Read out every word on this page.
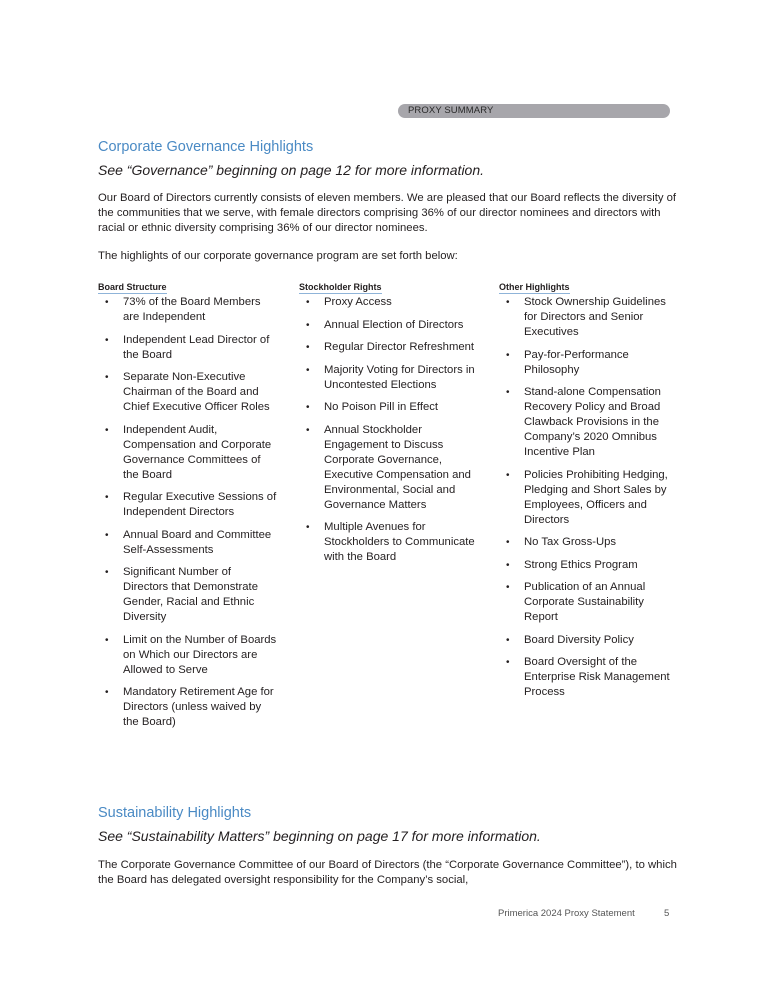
PROXY SUMMARY
Corporate Governance Highlights

See “Governance” beginning on page 12 for more information.

Our Board of Directors currently consists of eleven members. We are pleased that our Board reflects the diversity of the communities that we serve, with female directors comprising 36% of our director nominees and directors with racial or ethnic diversity comprising 36% of our director nominees.

The highlights of our corporate governance program are set forth below:

Board Structure
• 73% of the Board Members are Independent
• Independent Lead Director of the Board
• Separate Non-Executive Chairman of the Board and Chief Executive Officer Roles
• Independent Audit, Compensation and Corporate Governance Committees of the Board
• Regular Executive Sessions of Independent Directors
• Annual Board and Committee Self-Assessments
• Significant Number of Directors that Demonstrate Gender, Racial and Ethnic Diversity
• Limit on the Number of Boards on Which our Directors are Allowed to Serve
• Mandatory Retirement Age for Directors (unless waived by the Board)
Stockholder Rights
• Proxy Access
• Annual Election of Directors
• Regular Director Refreshment
• Majority Voting for Directors in Uncontested Elections
• No Poison Pill in Effect
• Annual Stockholder Engagement to Discuss Corporate Governance, Executive Compensation and Environmental, Social and Governance Matters
• Multiple Avenues for Stockholders to Communicate with the Board
Other Highlights
• Stock Ownership Guidelines for Directors and Senior Executives
• Pay-for-Performance Philosophy
• Stand-alone Compensation Recovery Policy and Broad Clawback Provisions in the Company’s 2020 Omnibus Incentive Plan
• Policies Prohibiting Hedging, Pledging and Short Sales by Employees, Officers and Directors
• No Tax Gross-Ups
• Strong Ethics Program
• Publication of an Annual Corporate Sustainability Report
• Board Diversity Policy
• Board Oversight of the Enterprise Risk Management Process
Sustainability Highlights

See “Sustainability Matters” beginning on page 17 for more information.

The Corporate Governance Committee of our Board of Directors (the “Corporate Governance Committee”), to which the Board has delegated oversight responsibility for the Company’s social,

Primerica 2024 Proxy Statement	5
